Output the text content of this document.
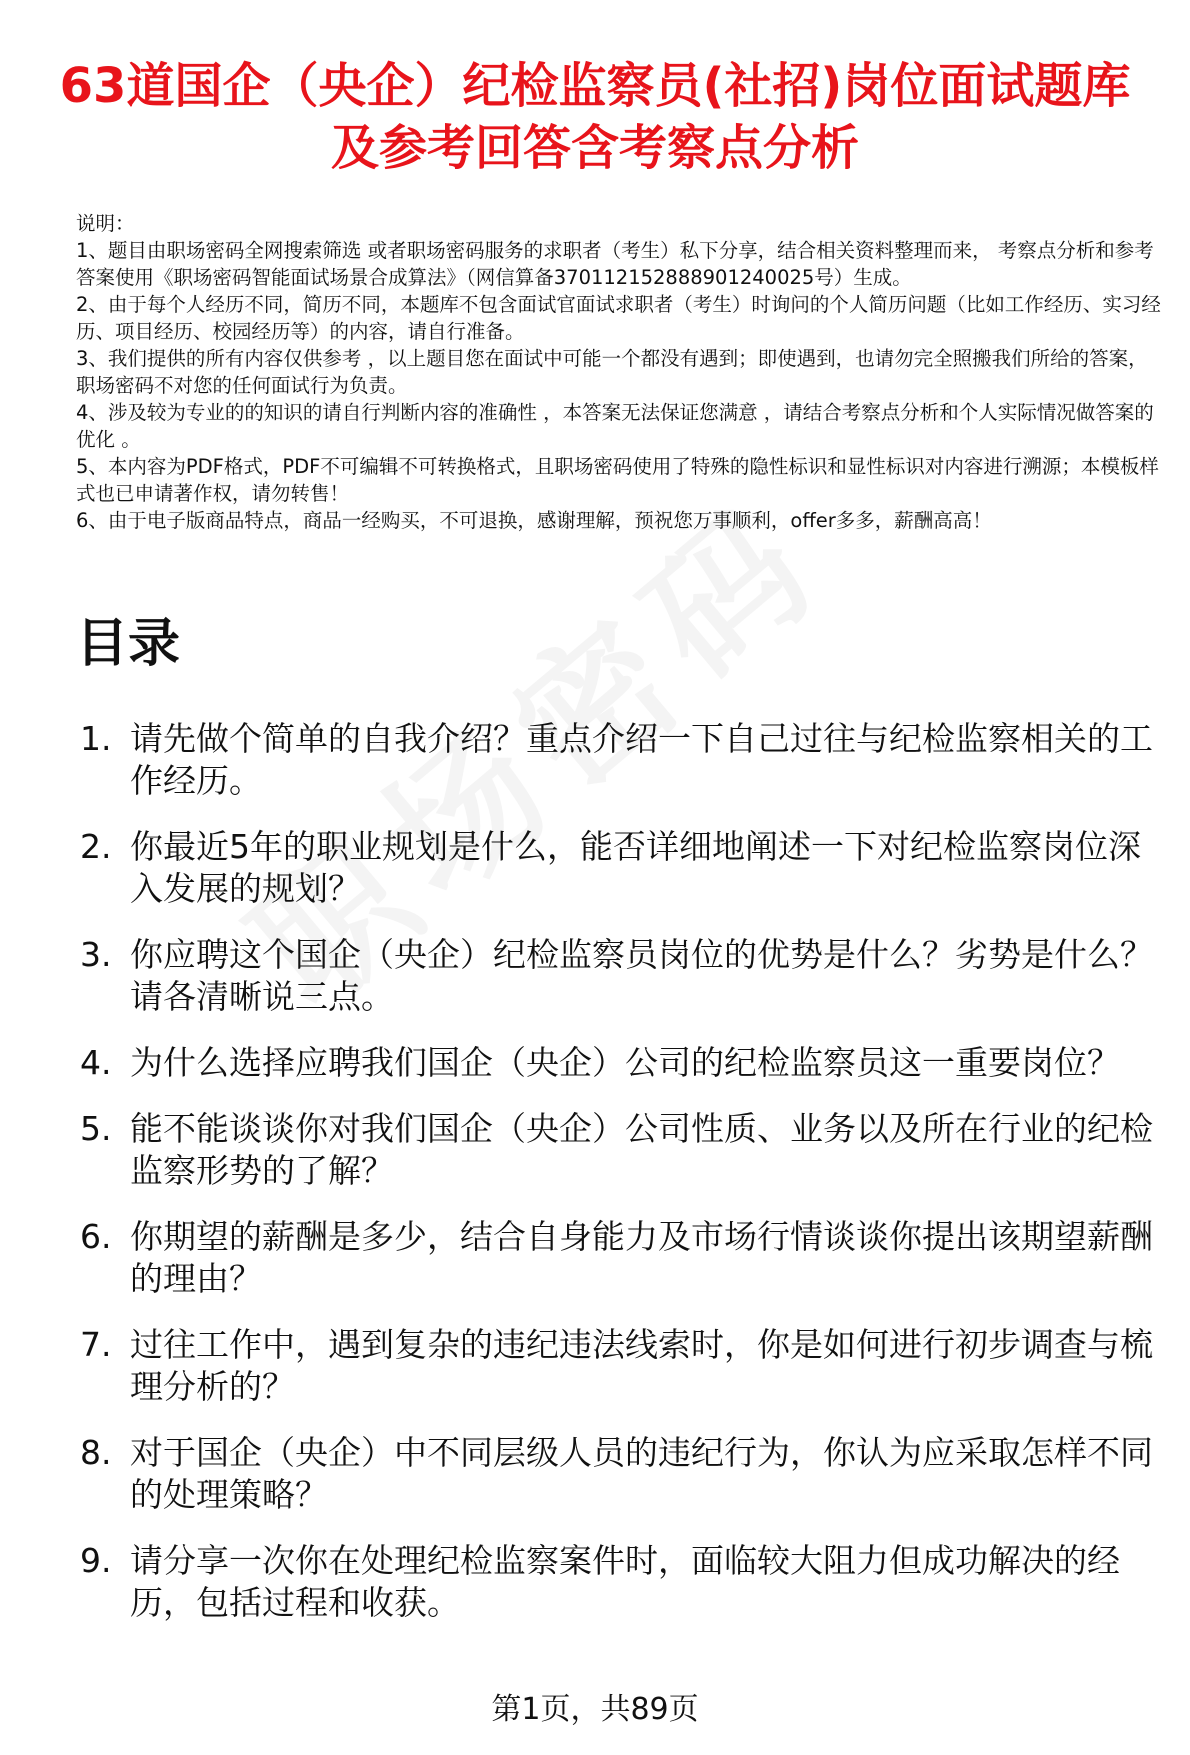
63道国企（央企）纪检监察员(社招)岗位面试题库及参考回答含考察点分析

说明：

1、题目由职场密码全网搜索筛选 或者职场密码服务的求职者（考生）私下分享，结合相关资料整理而来， 考察点分析和参考答案使用《职场密码智能面试场景合成算法》（网信算备370112152888901240025号）生成。

2、由于每个人经历不同，简历不同，本题库不包含面试官面试求职者（考生）时询问的个人简历问题（比如工作经历、实习经历、项目经历、校园经历等）的内容，请自行准备。

3、我们提供的所有内容仅供参考 ，以上题目您在面试中可能一个都没有遇到；即使遇到，也请勿完全照搬我们所给的答案，职场密码不对您的任何面试行为负责。

4、涉及较为专业的的知识的请自行判断内容的准确性 ，本答案无法保证您满意 ，请结合考察点分析和个人实际情况做答案的优化 。

5、本内容为PDF格式，PDF不可编辑不可转换格式，且职场密码使用了特殊的隐性标识和显性标识对内容进行溯源；本模板样式也已申请著作权，请勿转售！

6、由于电子版商品特点，商品一经购买，不可退换，感谢理解，预祝您万事顺利，offer多多，薪酬高高！

目录
1. 请先做个简单的自我介绍？重点介绍一下自己过往与纪检监察相关的工作经历。
2. 你最近5年的职业规划是什么，能否详细地阐述一下对纪检监察岗位深入发展的规划？
3. 你应聘这个国企（央企）纪检监察员岗位的优势是什么？劣势是什么？请各清晰说三点。
4. 为什么选择应聘我们国企（央企）公司的纪检监察员这一重要岗位？
5. 能不能谈谈你对我们国企（央企）公司性质、业务以及所在行业的纪检监察形势的了解？
6. 你期望的薪酬是多少，结合自身能力及市场行情谈谈你提出该期望薪酬的理由？
7. 过往工作中，遇到复杂的违纪违法线索时，你是如何进行初步调查与梳理分析的？
8. 对于国企（央企）中不同层级人员的违纪行为，你认为应采取怎样不同的处理策略？
9. 请分享一次你在处理纪检监察案件时，面临较大阻力但成功解决的经历，包括过程和收获。
第1页，共89页
